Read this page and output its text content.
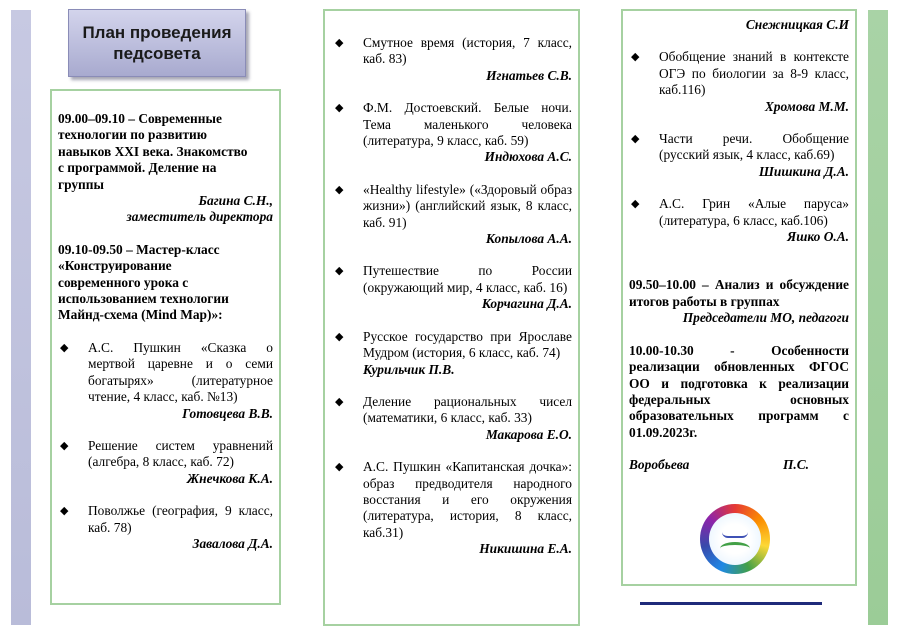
План проведения
педсовета
09.00–09.10 – Современные
технологии по развитию
навыков XXI века. Знакомство
с программой. Деление на
группы
Багина С.Н.,
заместитель директора
09.10-09.50 – Мастер-класс
«Конструирование
современного урока с
использованием технологии
Майнд-схема (Mind Map)»:
◆ А.С. Пушкин «Сказка о мертвой царевне и о семи богатырях» (литературное чтение, 4 класс, каб. №13)
Готовцева В.В.
◆ Решение систем уравнений (алгебра, 8 класс, каб. 72)
Жнечкова К.А.
◆ Поволжье (география, 9 класс, каб. 78)
Завалова Д.А.
◆ Смутное время (история, 7 класс, каб. 83)
Игнатьев С.В.
◆ Ф.М. Достоевский. Белые ночи. Тема маленького человека (литература, 9 класс, каб. 59)
Индюхова А.С.
◆ «Healthy lifestyle» («Здоровый образ жизни») (английский язык, 8 класс, каб. 91)
Копылова А.А.
◆ Путешествие по России (окружающий мир, 4 класс, каб. 16)
Корчагина Д.А.
◆ Русское государство при Ярославе Мудром (история, 6 класс, каб. 74)
Курильчик П.В.
◆ Деление рациональных чисел (математики, 6 класс, каб. 33)
Макарова Е.О.
◆ А.С. Пушкин «Капитанская дочка»: образ предводителя народного восстания и его окружения (литература, история, 8 класс, каб.31)
Никишина Е.А.
Снежницкая С.И
◆ Обобщение знаний в контексте ОГЭ по биологии за 8-9 класс, каб.116)
Хромова М.М.
◆ Части речи. Обобщение (русский язык, 4 класс, каб.69)
Шишкина Д.А.
◆ А.С. Грин «Алые паруса» (литература, 6 класс, каб.106)
Яшко О.А.
09.50–10.00 – Анализ и обсуждение итогов работы в группах
Председатели МО, педагоги
10.00-10.30 - Особенности реализации обновленных ФГОС ОО и подготовка к реализации федеральных основных образовательных программ с 01.09.2023г.
Воробьева	П.С.
